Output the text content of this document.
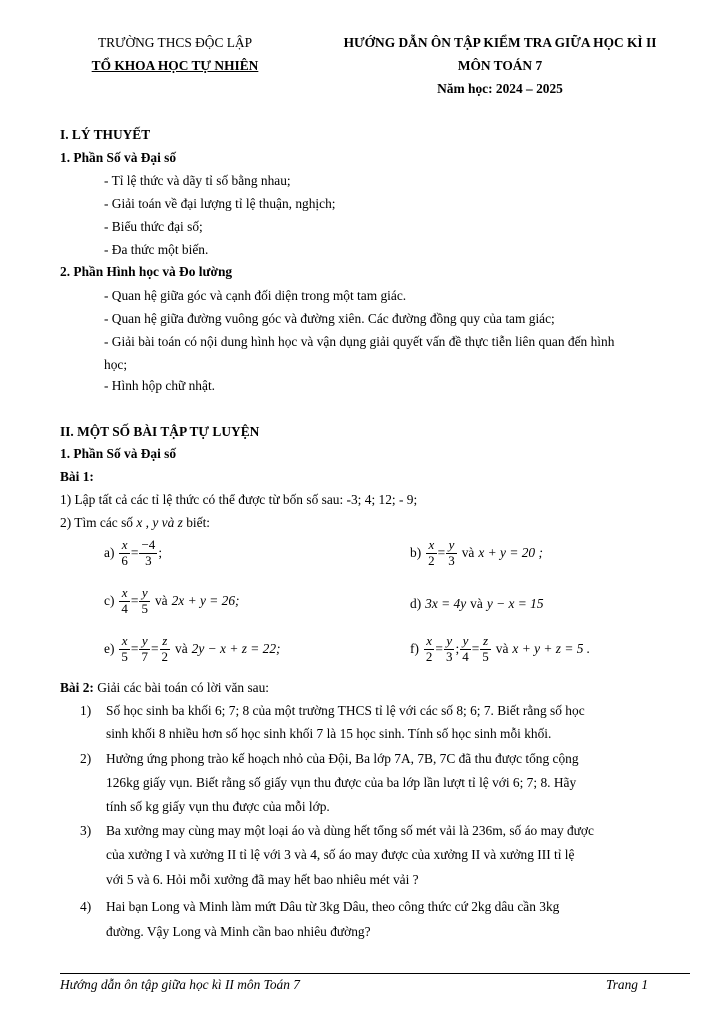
TRƯỜNG THCS ĐỘC LẬP
TỔ KHOA HỌC TỰ NHIÊN
HƯỚNG DẪN ÔN TẬP KIỂM TRA GIỮA HỌC KÌ II
MÔN TOÁN 7
Năm học: 2024 – 2025
I. LÝ THUYẾT
1. Phần Số và Đại số
- Tỉ lệ thức và dãy tỉ số bằng nhau;
- Giải toán về đại lượng tỉ lệ thuận, nghịch;
- Biểu thức đại số;
- Đa thức một biến.
2. Phần Hình học và Đo lường
- Quan hệ giữa góc và cạnh đối diện trong một tam giác.
- Quan hệ giữa đường vuông góc và đường xiên. Các đường đồng quy của tam giác;
- Giải bài toán có nội dung hình học và vận dụng giải quyết vấn đề thực tiễn liên quan đến hình
học;
- Hình hộp chữ nhật.
II. MỘT SỐ BÀI TẬP TỰ LUYỆN
1. Phần Số và Đại số
Bài 1:
1) Lập tất cả các tỉ lệ thức có thể được từ bốn số sau: -3; 4; 12; - 9;
2) Tìm các số x , y và z biết:
$a) \frac{x}{6} = \frac{-4}{3}$ ;	$b) \frac{x}{2} = \frac{y}{3}$ và x + y = 20 ;
$c) \frac{x}{4} = \frac{y}{5}$ và 2x + y = 26;	d) 3x = 4y và y − x = 15
$e) \frac{x}{5} = \frac{y}{7} = \frac{z}{2}$ và 2y − x + z = 22;	$f) \frac{x}{2} = \frac{y}{3}$ ; $\frac{y}{4} = \frac{z}{5}$ và x + y + z = 5 .
Bài 2: Giải các bài toán có lời văn sau:
1) Số học sinh ba khối 6; 7; 8 của một trường THCS tỉ lệ với các số 8; 6; 7. Biết rằng số học
sinh khối 8 nhiều hơn số học sinh khối 7 là 15 học sinh. Tính số học sinh mỗi khối.
2) Hưởng ứng phong trào kế hoạch nhỏ của Đội, Ba lớp 7A, 7B, 7C đã thu được tổng cộng
126kg giấy vụn. Biết rằng số giấy vụn thu được của ba lớp lần lượt tỉ lệ với 6; 7; 8. Hãy
tính số kg giấy vụn thu được của mỗi lớp.
3) Ba xưởng may cùng may một loại áo và dùng hết tổng số mét vải là 236m, số áo may được
của xưởng I và xưởng II tỉ lệ với 3 và 4, số áo may được của xưởng II và xưởng III tỉ lệ
với 5 và 6. Hỏi mỗi xưởng đã may hết bao nhiêu mét vải ?
4) Hai bạn Long và Minh làm mứt Dâu từ 3kg Dâu, theo công thức cứ 2kg dâu cần 3kg
đường. Vậy Long và Minh cần bao nhiêu đường?
Hướng dẫn ôn tập giữa học kì II môn Toán 7	Trang 1
